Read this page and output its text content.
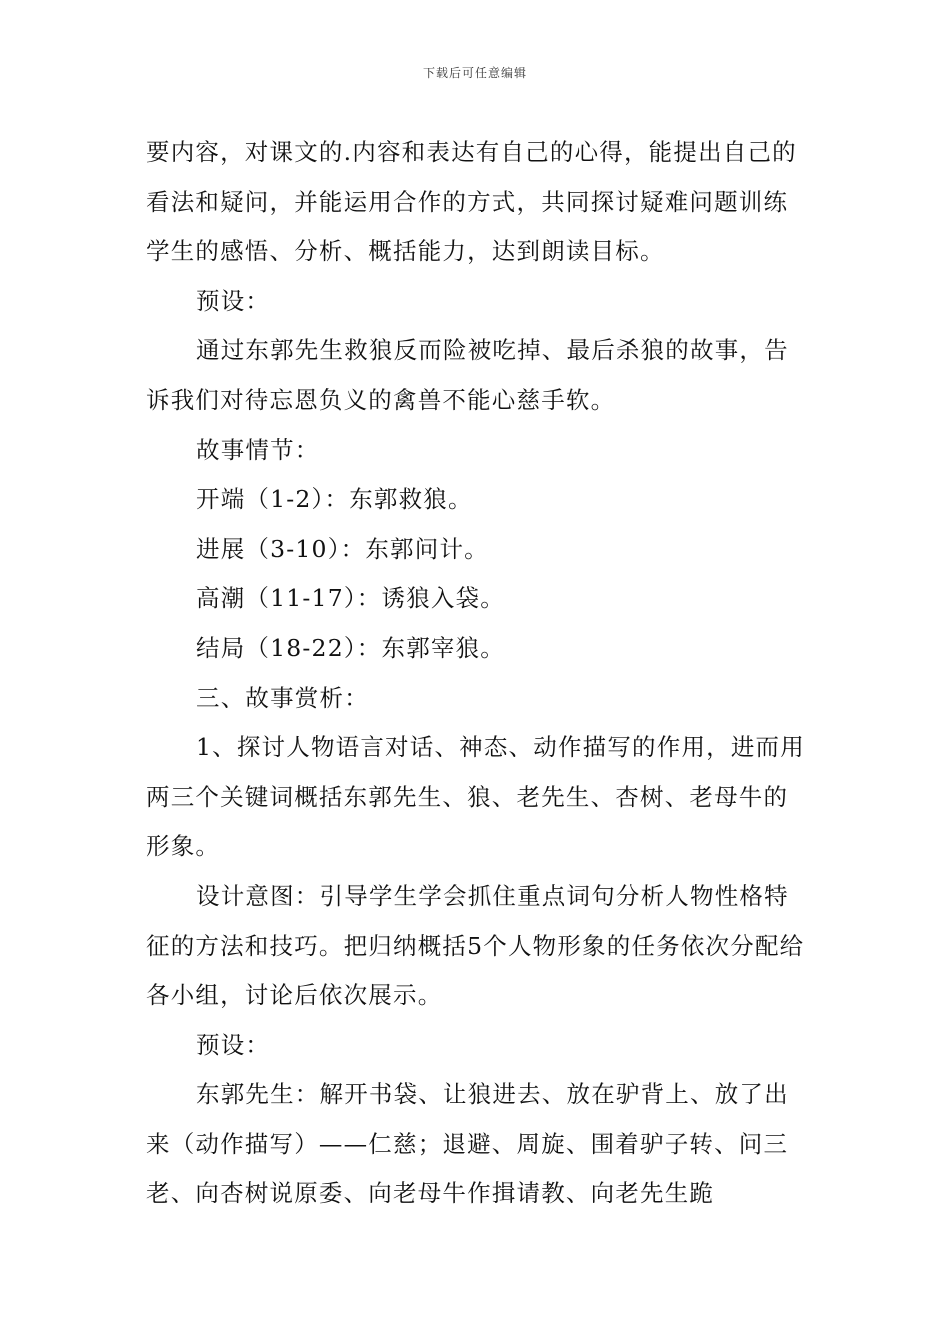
下载后可任意编辑

要内容，对课文的.内容和表达有自己的心得，能提出自己的看法和疑问，并能运用合作的方式，共同探讨疑难问题训练学生的感悟、分析、概括能力，达到朗读目标。

预设：

通过东郭先生救狼反而险被吃掉、最后杀狼的故事，告诉我们对待忘恩负义的禽兽不能心慈手软。

故事情节：

开端（1-2）：东郭救狼。

进展（3-10）：东郭问计。

高潮（11-17）：诱狼入袋。

结局（18-22）：东郭宰狼。

三、故事赏析：

1、探讨人物语言对话、神态、动作描写的作用，进而用两三个关键词概括东郭先生、狼、老先生、杏树、老母牛的形象。

设计意图：引导学生学会抓住重点词句分析人物性格特征的方法和技巧。把归纳概括5个人物形象的任务依次分配给各小组，讨论后依次展示。

预设：

东郭先生：解开书袋、让狼进去、放在驴背上、放了出来（动作描写）——仁慈；退避、周旋、围着驴子转、问三老、向杏树说原委、向老母牛作揖请教、向老先生跪
